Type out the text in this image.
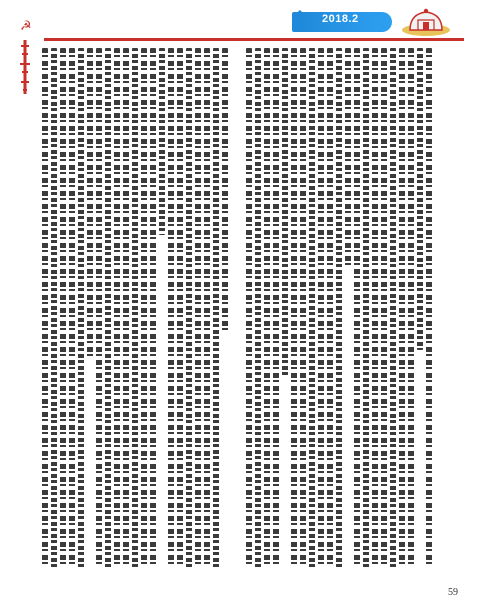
2018.2
☭
59
